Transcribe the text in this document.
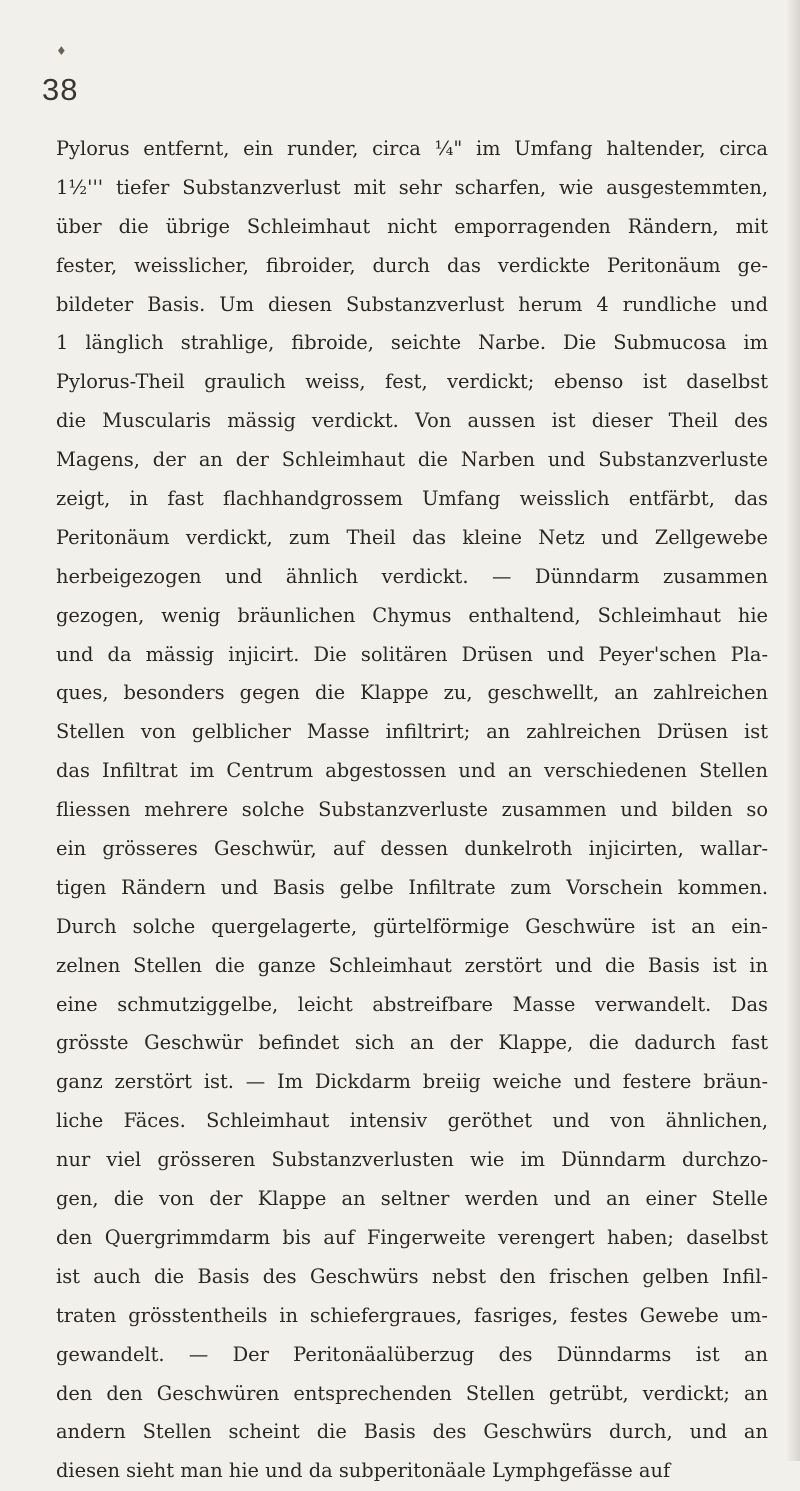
♦
38
Pylorus entfernt, ein runder, circa ¼" im Umfang haltender, circa
1½''' tiefer Substanzverlust mit sehr scharfen, wie ausgestemmten,
über die übrige Schleimhaut nicht emporragenden Rändern, mit
fester, weisslicher, fibroider, durch das verdickte Peritonäum ge-
bildeter Basis. Um diesen Substanzverlust herum 4 rundliche und
1 länglich strahlige, fibroide, seichte Narbe. Die Submucosa im
Pylorus-Theil graulich weiss, fest, verdickt; ebenso ist daselbst
die Muscularis mässig verdickt. Von aussen ist dieser Theil des
Magens, der an der Schleimhaut die Narben und Substanzverluste
zeigt, in fast flachhandgrossem Umfang weisslich entfärbt, das
Peritonäum verdickt, zum Theil das kleine Netz und Zellgewebe
herbeigezogen und ähnlich verdickt. — Dünndarm zusammen
gezogen, wenig bräunlichen Chymus enthaltend, Schleimhaut hie
und da mässig injicirt. Die solitären Drüsen und Peyer'schen Pla-
ques, besonders gegen die Klappe zu, geschwellt, an zahlreichen
Stellen von gelblicher Masse infiltrirt; an zahlreichen Drüsen ist
das Infiltrat im Centrum abgestossen und an verschiedenen Stellen
fliessen mehrere solche Substanzverluste zusammen und bilden so
ein grösseres Geschwür, auf dessen dunkelroth injicirten, wallar-
tigen Rändern und Basis gelbe Infiltrate zum Vorschein kommen.
Durch solche quergelagerte, gürtelförmige Geschwüre ist an ein-
zelnen Stellen die ganze Schleimhaut zerstört und die Basis ist in
eine schmutziggelbe, leicht abstreifbare Masse verwandelt. Das
grösste Geschwür befindet sich an der Klappe, die dadurch fast
ganz zerstört ist. — Im Dickdarm breiig weiche und festere bräun-
liche Fäces. Schleimhaut intensiv geröthet und von ähnlichen,
nur viel grösseren Substanzverlusten wie im Dünndarm durchzo-
gen, die von der Klappe an seltner werden und an einer Stelle
den Quergrimmdarm bis auf Fingerweite verengert haben; daselbst
ist auch die Basis des Geschwürs nebst den frischen gelben Infil-
traten grösstentheils in schiefergraues, fasriges, festes Gewebe um-
gewandelt. — Der Peritonäalüberzug des Dünndarms ist an
den den Geschwüren entsprechenden Stellen getrübt, verdickt; an
andern Stellen scheint die Basis des Geschwürs durch, und an
diesen sieht man hie und da subperitonäale Lymphgefässe auf
